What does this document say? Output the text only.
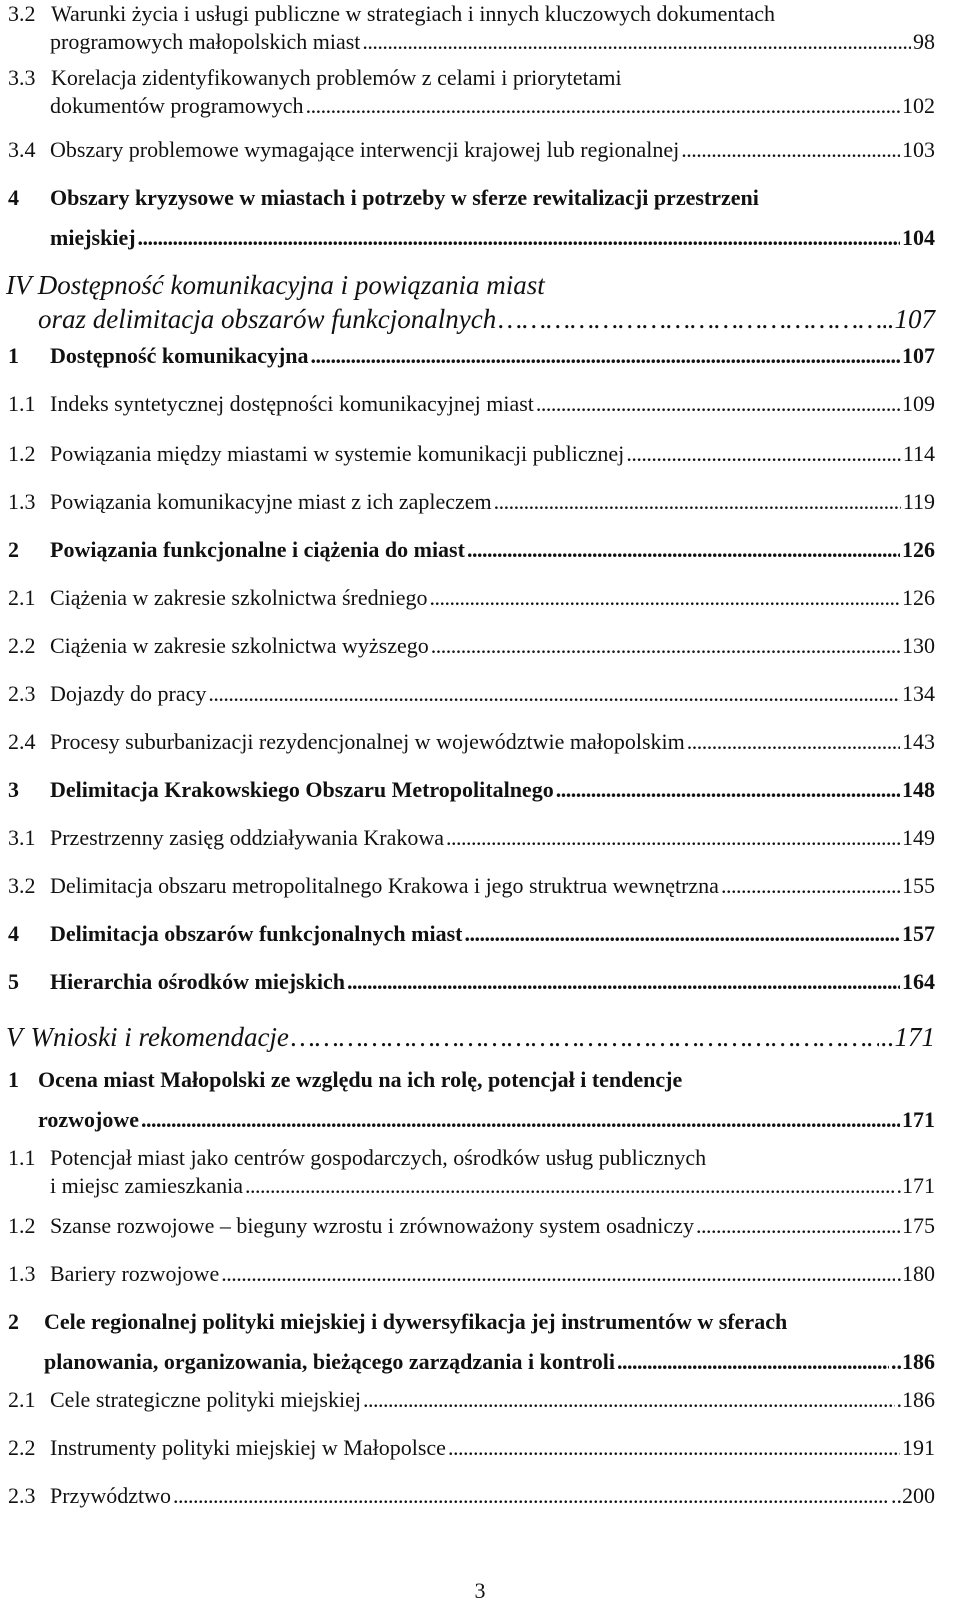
3.2 Warunki życia i usługi publiczne w strategiach i innych kluczowych dokumentach
programowych małopolskich miast . . .	98
3.3 Korelacja zidentyfikowanych problemów z celami i priorytetami
dokumentów programowych . . .	102
3.4 Obszary problemowe wymagające interwencji krajowej lub regionalnej . . .	103
4 Obszary kryzysowe w miastach i potrzeby w sferze rewitalizacji przestrzeni
miejskiej . . .	104
IV Dostępność komunikacyjna i powiązania miast
oraz delimitacja obszarów funkcjonalnych ……………………………………………………………………………………………………………	.107
1	Dostępność komunikacyjna . . .	107
1.1 Indeks syntetycznej dostępności komunikacyjnej miast . . .	109
1.2 Powiązania między miastami w systemie komunikacji publicznej . . .	114
1.3 Powiązania komunikacyjne miast z ich zapleczem . . .	119
2	Powiązania funkcjonalne i ciążenia do miast . . .	126
2.1 Ciążenia w zakresie szkolnictwa średniego . . .	126
2.2 Ciążenia w zakresie szkolnictwa wyższego . . .	130
2.3 Dojazdy do pracy . . .	134
2.4 Procesy suburbanizacji rezydencjonalnej w województwie małopolskim . . .	143
3	Delimitacja Krakowskiego Obszaru Metropolitalnego . . .	148
3.1 Przestrzenny zasięg oddziaływania Krakowa . . .	149
3.2 Delimitacja obszaru metropolitalnego Krakowa i jego struktrua wewnętrzna . . .	155
4	Delimitacja obszarów funkcjonalnych miast . . .	157
5	Hierarchia ośrodków miejskich . . .	164
V Wnioski i rekomendacje ……………………………………………………………………………………………………………	..171
1 Ocena miast Małopolski ze względu na ich rolę, potencjał i tendencje
rozwojowe . . .	171
1.1 Potencjał miast jako centrów gospodarczych, ośrodków usług publicznych
i miejsc zamieszkania . . .	.171
1.2 Szanse rozwojowe – bieguny wzrostu i zrównoważony system osadniczy . . .	175
1.3 Bariery rozwojowe . . .	.180
2 Cele regionalnej polityki miejskiej i dywersyfikacja jej instrumentów w sferach
planowania, organizowania, bieżącego zarządzania i kontroli . . .	..186
2.1 Cele strategiczne polityki miejskiej . . .	.186
2.2 Instrumenty polityki miejskiej w Małopolsce . . .	191
2.3 Przywództwo . . .	..200
3
